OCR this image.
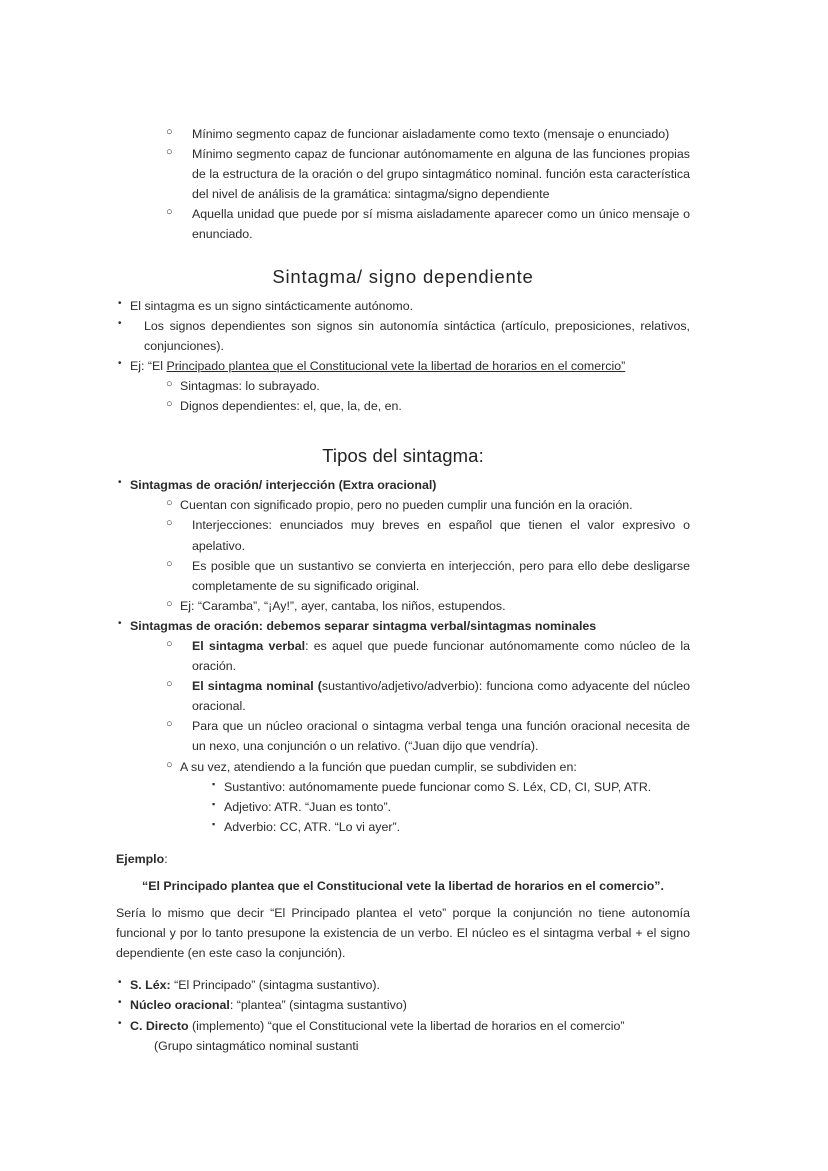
○ Mínimo segmento capaz de funcionar aisladamente como texto (mensaje o enunciado)

○ Mínimo segmento capaz de funcionar autónomamente en alguna de las funciones propias de la estructura de la oración o del grupo sintagmático nominal. función esta característica del nivel de análisis de la gramática: sintagma/signo dependiente

○ Aquella unidad que puede por sí misma aisladamente aparecer como un único mensaje o enunciado.

Sintagma/ signo dependiente

• El sintagma es un signo sintácticamente autónomo.

• Los signos dependientes son signos sin autonomía sintáctica (artículo, preposiciones, relativos, conjunciones).

• Ej: “El Principado plantea que el Constitucional vete la libertad de horarios en el comercio”

○ Sintagmas: lo subrayado.

○ Dignos dependientes: el, que, la, de, en.

Tipos del sintagma:

• Sintagmas de oración/ interjección (Extra oracional)

○ Cuentan con significado propio, pero no pueden cumplir una función en la oración.

○ Interjecciones: enunciados muy breves en español que tienen el valor expresivo o apelativo.

○ Es posible que un sustantivo se convierta en interjección, pero para ello debe desligarse completamente de su significado original.

○ Ej: “Caramba”, “¡Ay!”, ayer, cantaba, los niños, estupendos.

• Sintagmas de oración: debemos separar sintagma verbal/sintagmas nominales

○ El sintagma verbal: es aquel que puede funcionar autónomamente como núcleo de la oración.

○ El sintagma nominal (sustantivo/adjetivo/adverbio): funciona como adyacente del núcleo oracional.

○ Para que un núcleo oracional o sintagma verbal tenga una función oracional necesita de un nexo, una conjunción o un relativo. (“Juan dijo que vendría).

○ A su vez, atendiendo a la función que puedan cumplir, se subdividen en:

▪ Sustantivo: autónomamente puede funcionar como S. Léx, CD, CI, SUP, ATR.

▪ Adjetivo: ATR. “Juan es tonto”.

▪ Adverbio: CC, ATR. “Lo vi ayer”.

Ejemplo:

“El Principado plantea que el Constitucional vete la libertad de horarios en el comercio”.

Sería lo mismo que decir “El Principado plantea el veto” porque la conjunción no tiene autonomía funcional y por lo tanto presupone la existencia de un verbo. El núcleo es el sintagma verbal + el signo dependiente (en este caso la conjunción).

• S. Léx: “El Principado” (sintagma sustantivo).

• Núcleo oracional: “plantea” (sintagma sustantivo)

• C. Directo (implemento) “que el Constitucional vete la libertad de horarios en el comercio”

(Grupo sintagmático nominal sustanti
